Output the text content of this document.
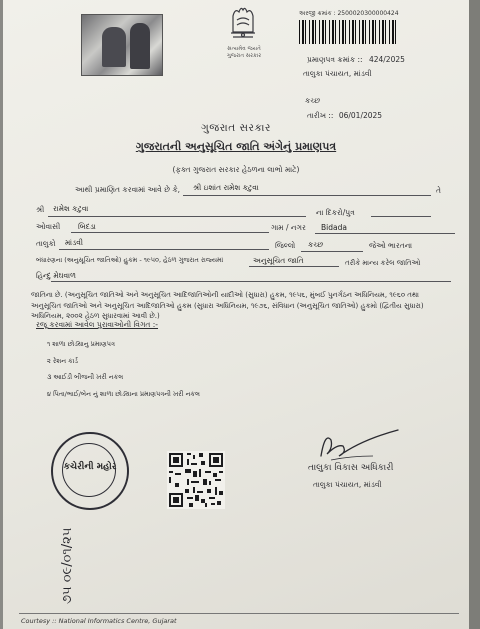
સત્યમેવ જયતે
ગુજરાત સરકાર
અરજી ક્રમાંક : 2500020300000424
પ્રમાણપત્ર ક્રમાંક :: 424/2025
તાલુકા પંચાયત, માંડવી
કચ્છ
તારીખ :: 06/01/2025
ગુજરાત સરકાર
ગુજરાતની અનુસૂચિત જાતિ અંગેનું પ્રમાણપત્ર
(ફક્ત ગુજરાત સરકાર હેઠળના લાભો માટે)
આથી પ્રમાણિત કરવામાં આવે છે કે, શ્રી ઇશાંત રામેશ કટુવા	તે
શ્રી રામેશ કટુવા	ના દિકરો/પુત્ર
ઓવાસી બિદડા	ગામ / નગર Bidada
તાલુકો માંડવી	જિલ્લો કચ્છ	જેઓ ભારતના
બંધારણના (અનુસૂચિત જાતિઓ) હુકમ - ૧૯૫૦, હેઠળ ગુજરાત રાજ્યમાં	અનુસૂચિત જાતિ	તરીકે માન્ય કરેલ જાતિઓ
હિન્દુ મેઘવાળ
જાતિના છે. (અનુસૂચિત જાતિઓ અને અનુસૂચિત આદિજાતિઓની યાદીઓ (સુધારા) હુકમ, ૧૯૫૬, મુંબઈ પુનર્ગઠન અધિનિયમ, ૧૯૬૦ તથા અનુસૂચિત જાતિઓ અને અનુસૂચિત આદિજાતિઓ હુકમ (સુધારા અધિનિયમ, ૧૯૭૬, સંવિધાન (અનુસૂચિત જાતિઓ) હુકમો (દ્વિતીય સુધારા) અધિનિયમ, ૨૦૦૨ હેઠળ સુધારવામાં આવી છે.)
રજૂ કરવામાં આવેલ પુરાવાઓની વિગત :-
૧ શાળા છોડ્યાનુ પ્રમાણપત્ર
૨ રેશન કાર્ડ
૩ આઈડી બીજની ખરી નકલ
૪ પિતા/ભાઈ/બેન નું શાળા છોડ્યાના પ્રમાણપત્રની ખરી નકલ
કચેરીની મહોર	તાલુકા વિકાસ અધિકારી
તાલુકા પંચાયત, માંડવી
૭૫ ૦૯/૦૧/૨૫
Courtesy :: National Informatics Centre, Gujarat
